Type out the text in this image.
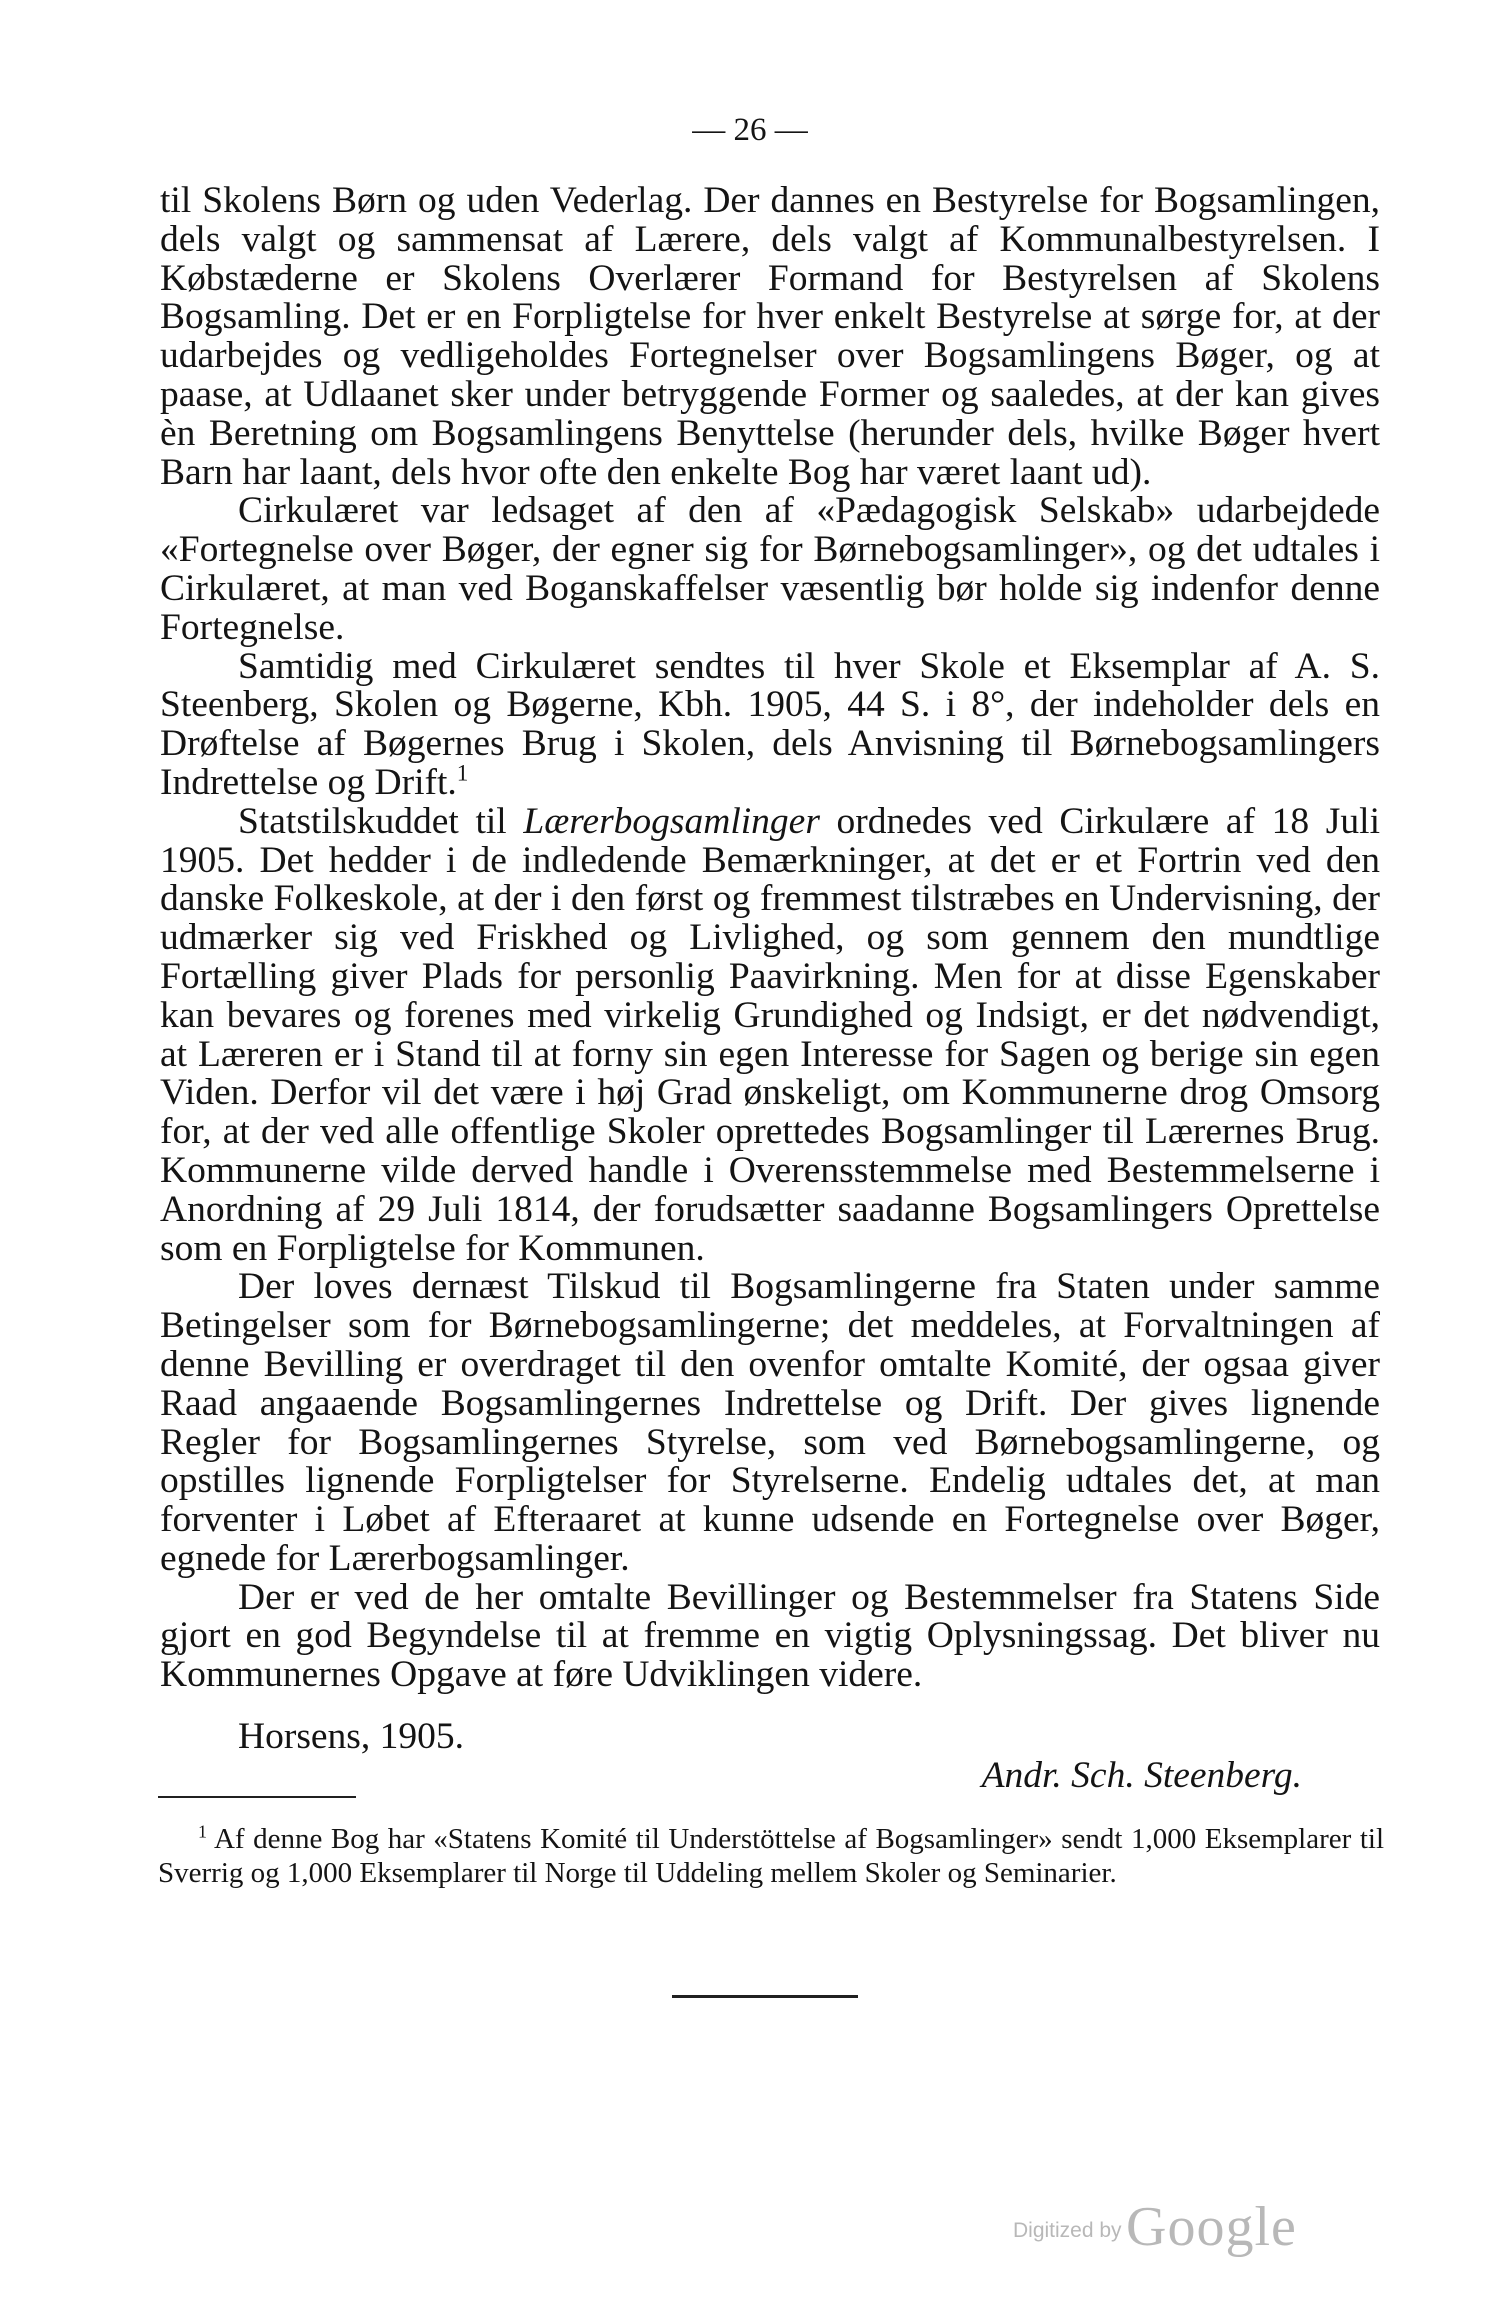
— 26 —

til Skolens Børn og uden Vederlag. Der dannes en Bestyrelse for Bogsamlingen, dels valgt og sammensat af Lærere, dels valgt af Kommunalbestyrelsen. I Købstæderne er Skolens Overlærer Formand for Bestyrelsen af Skolens Bogsamling. Det er en Forpligtelse for hver enkelt Bestyrelse at sørge for, at der udarbejdes og vedligeholdes Fortegnelser over Bogsamlingens Bøger, og at paase, at Udlaanet sker under betryggende Former og saaledes, at der kan gives èn Beretning om Bogsamlingens Benyttelse (herunder dels, hvilke Bøger hvert Barn har laant, dels hvor ofte den enkelte Bog har været laant ud).

Cirkulæret var ledsaget af den af «Pædagogisk Selskab» udarbejdede «Fortegnelse over Bøger, der egner sig for Børnebogsamlinger», og det udtales i Cirkulæret, at man ved Boganskaffelser væsentlig bør holde sig indenfor denne Fortegnelse.

Samtidig med Cirkulæret sendtes til hver Skole et Eksemplar af A. S. Steenberg, Skolen og Bøgerne, Kbh. 1905, 44 S. i 8°, der indeholder dels en Drøftelse af Bøgernes Brug i Skolen, dels Anvisning til Børnebogsamlingers Indrettelse og Drift.$^1$

Statstilskuddet til Lærerbogsamlinger ordnedes ved Cirkulære af 18 Juli 1905. Det hedder i de indledende Bemærkninger, at det er et Fortrin ved den danske Folkeskole, at der i den først og fremmest tilstræbes en Undervisning, der udmærker sig ved Friskhed og Livlighed, og som gennem den mundtlige Fortælling giver Plads for personlig Paavirkning. Men for at disse Egenskaber kan bevares og forenes med virkelig Grundighed og Indsigt, er det nødvendigt, at Læreren er i Stand til at forny sin egen Interesse for Sagen og berige sin egen Viden. Derfor vil det være i høj Grad ønskeligt, om Kommunerne drog Omsorg for, at der ved alle offentlige Skoler oprettedes Bogsamlinger til Lærernes Brug. Kommunerne vilde derved handle i Overensstemmelse med Bestemmelserne i Anordning af 29 Juli 1814, der forudsætter saadanne Bogsamlingers Oprettelse som en Forpligtelse for Kommunen.

Der loves dernæst Tilskud til Bogsamlingerne fra Staten under samme Betingelser som for Børnebogsamlingerne; det meddeles, at Forvaltningen af denne Bevilling er overdraget til den ovenfor omtalte Komité, der ogsaa giver Raad angaaende Bogsamlingernes Indrettelse og Drift. Der gives lignende Regler for Bogsamlingernes Styrelse, som ved Børnebogsamlingerne, og opstilles lignende Forpligtelser for Styrelserne. Endelig udtales det, at man forventer i Løbet af Efteraaret at kunne udsende en Fortegnelse over Bøger, egnede for Lærerbogsamlinger.

Der er ved de her omtalte Bevillinger og Bestemmelser fra Statens Side gjort en god Begyndelse til at fremme en vigtig Oplysningssag. Det bliver nu Kommunernes Opgave at føre Udviklingen videre.

Horsens, 1905.
Andr. Sch. Steenberg.

$^1$ Af denne Bog har «Statens Komité til Understöttelse af Bogsamlinger» sendt 1,000 Eksemplarer til Sverrig og 1,000 Eksemplarer til Norge til Uddeling mellem Skoler og Seminarier.

Digitized by Google
